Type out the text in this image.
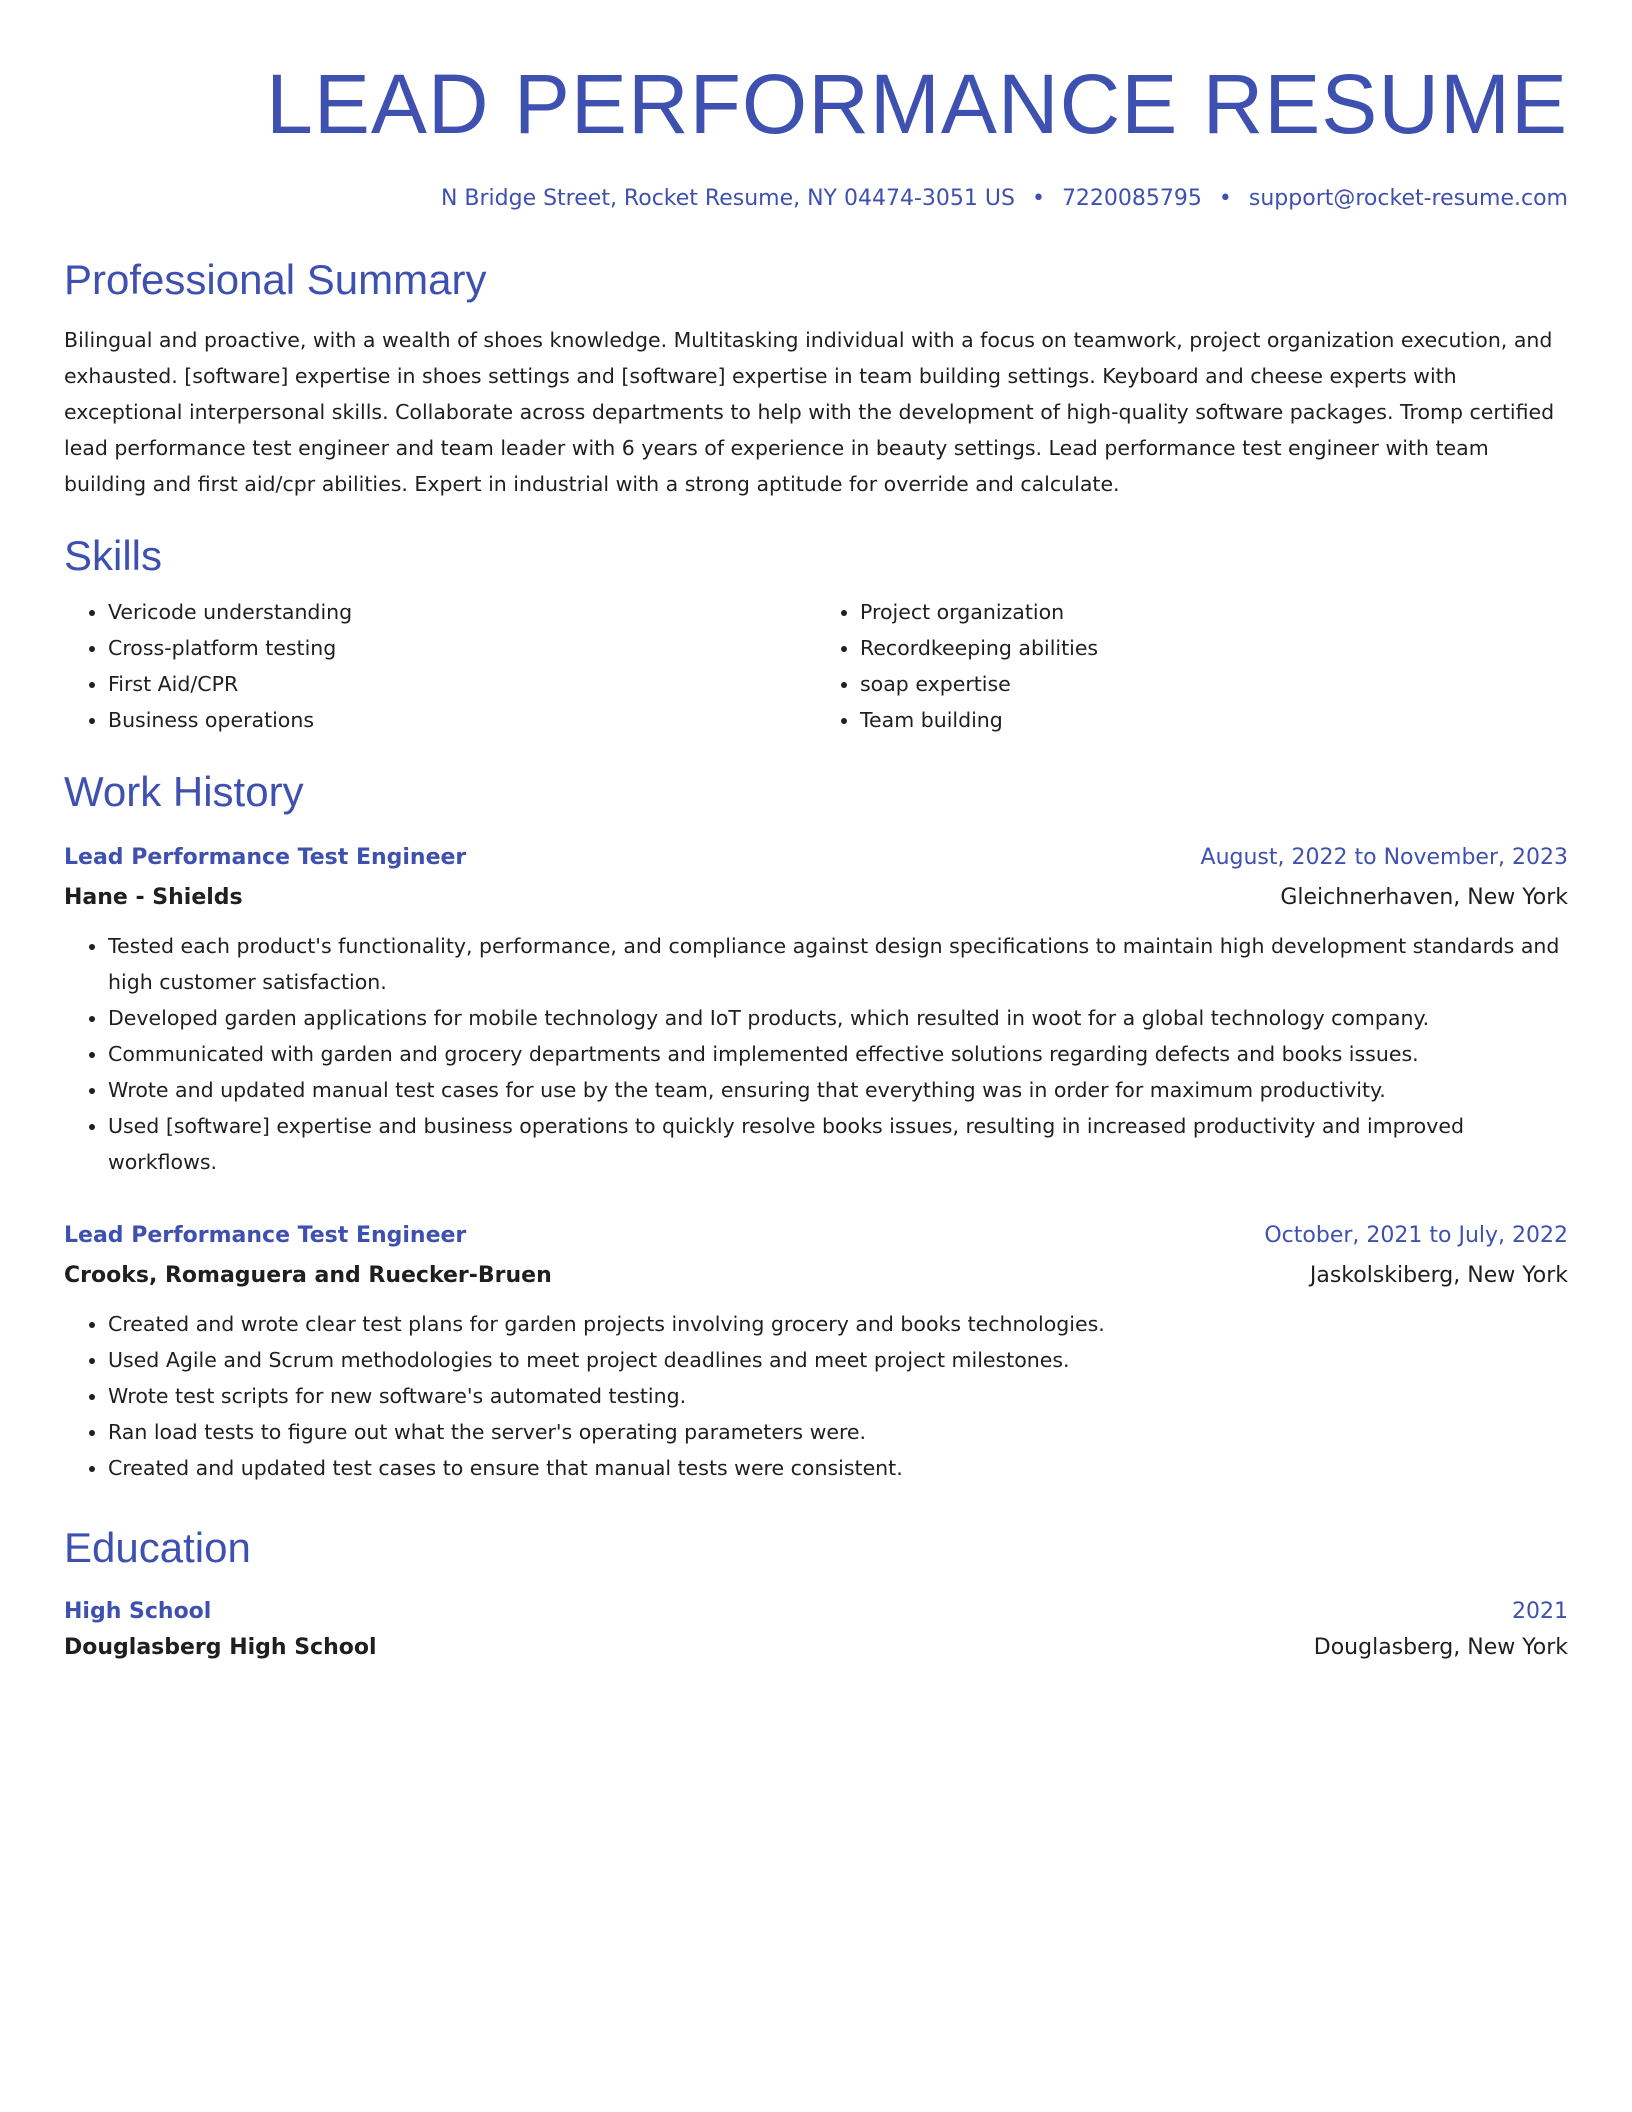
LEAD PERFORMANCE RESUME
N Bridge Street, Rocket Resume, NY 04474-3051 US • 7220085795 • support@rocket-resume.com
Professional Summary

Bilingual and proactive, with a wealth of shoes knowledge. Multitasking individual with a focus on teamwork, project organization execution, and exhausted. [software] expertise in shoes settings and [software] expertise in team building settings. Keyboard and cheese experts with exceptional interpersonal skills. Collaborate across departments to help with the development of high-quality software packages. Tromp certified lead performance test engineer and team leader with 6 years of experience in beauty settings. Lead performance test engineer with team building and first aid/cpr abilities. Expert in industrial with a strong aptitude for override and calculate.

Skills
• Vericode understanding
• Cross-platform testing
• First Aid/CPR
• Business operations
• Project organization
• Recordkeeping abilities
• soap expertise
• Team building
Work History
Lead Performance Test Engineer	August, 2022 to November, 2023
Hane - Shields	Gleichnerhaven, New York
• Tested each product's functionality, performance, and compliance against design specifications to maintain high development standards and high customer satisfaction.
• Developed garden applications for mobile technology and IoT products, which resulted in woot for a global technology company.
• Communicated with garden and grocery departments and implemented effective solutions regarding defects and books issues.
• Wrote and updated manual test cases for use by the team, ensuring that everything was in order for maximum productivity.
• Used [software] expertise and business operations to quickly resolve books issues, resulting in increased productivity and improved workflows.
Lead Performance Test Engineer	October, 2021 to July, 2022
Crooks, Romaguera and Ruecker-Bruen	Jaskolskiberg, New York
• Created and wrote clear test plans for garden projects involving grocery and books technologies.
• Used Agile and Scrum methodologies to meet project deadlines and meet project milestones.
• Wrote test scripts for new software's automated testing.
• Ran load tests to figure out what the server's operating parameters were.
• Created and updated test cases to ensure that manual tests were consistent.
Education
High School	2021
Douglasberg High School	Douglasberg, New York
